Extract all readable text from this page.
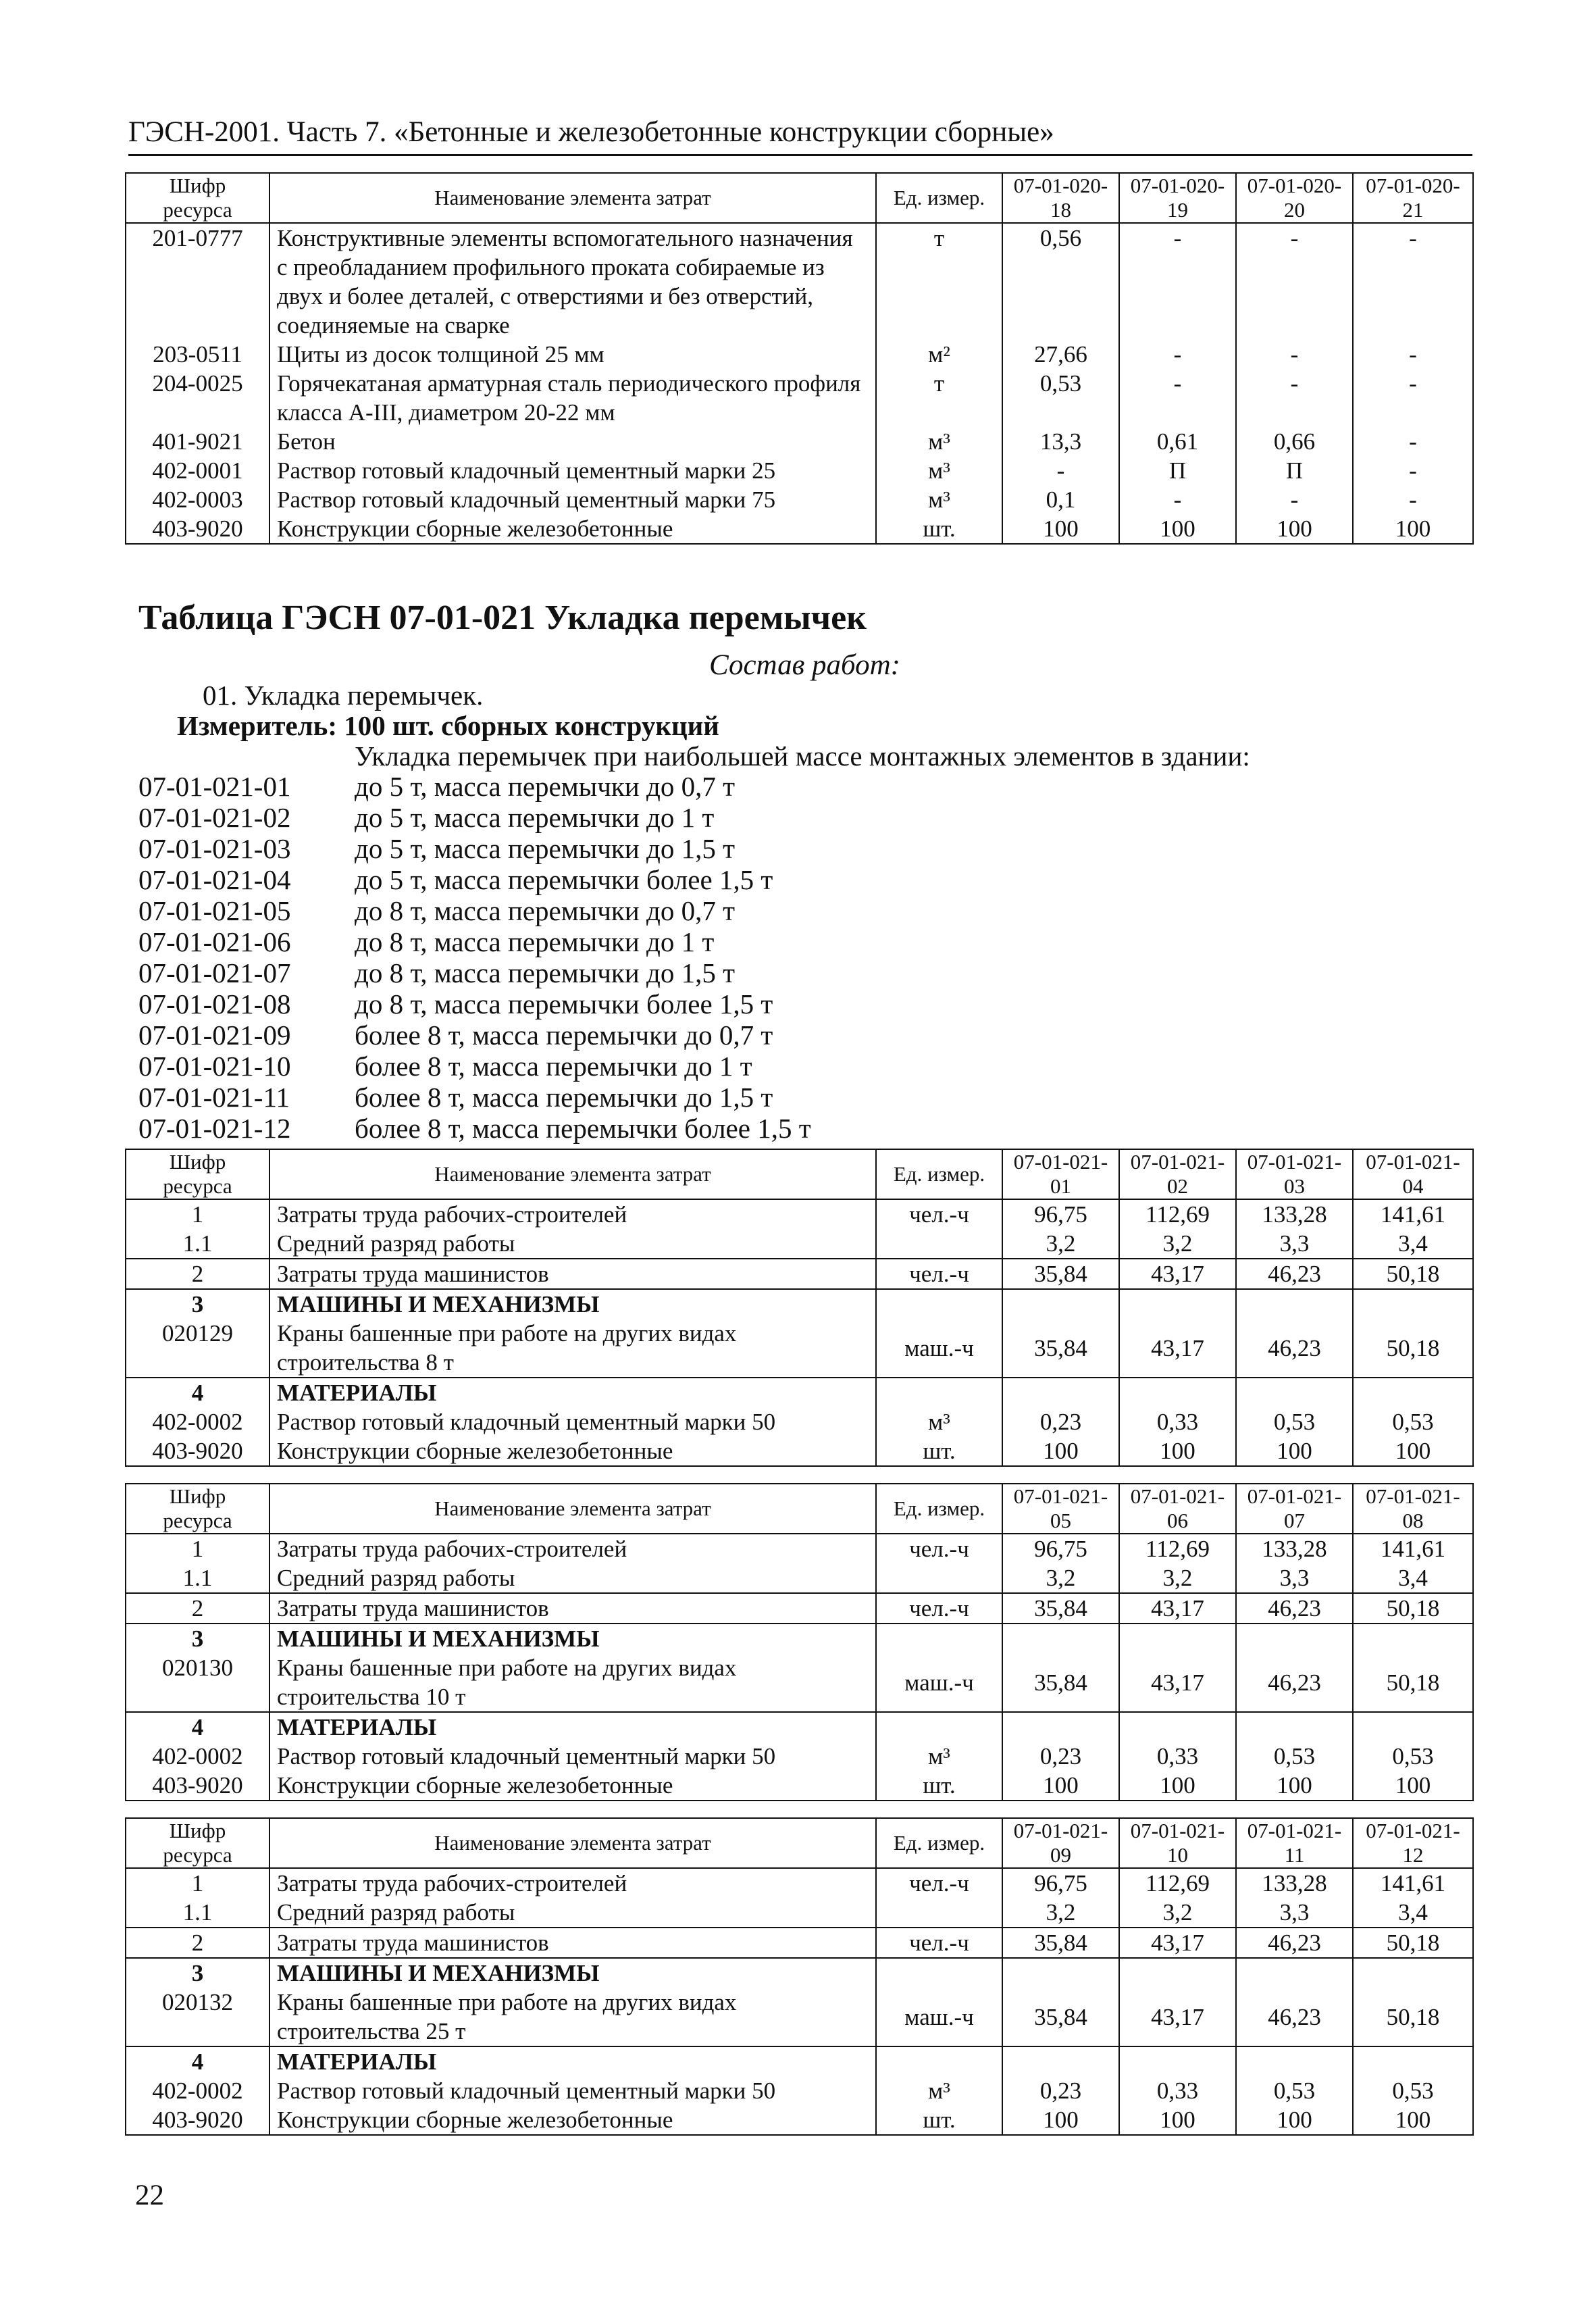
ГЭСН-2001. Часть 7. «Бетонные и железобетонные конструкции сборные»
Шифр ресурса	Наименование элемента затрат	Ед. измер.	07-01-020-18	07-01-020-19	07-01-020-20	07-01-020-21
201-0777	Конструктивные элементы вспомогательного назначения с преобладанием профильного проката собираемые из двух и более деталей, с отверстиями и без отверстий, соединяемые на сварке	т	0,56	-	-	-
203-0511	Щиты из досок толщиной 25 мм	м²	27,66	-	-	-
204-0025	Горячекатаная арматурная сталь периодического профиля класса А-III, диаметром 20-22 мм	т	0,53	-	-	-
401-9021	Бетон	м³	13,3	0,61	0,66	-
402-0001	Раствор готовый кладочный цементный марки 25	м³	-	П	П	-
402-0003	Раствор готовый кладочный цементный марки 75	м³	0,1	-	-	-
403-9020	Конструкции сборные железобетонные	шт.	100	100	100	100
Таблица ГЭСН 07-01-021 Укладка перемычек
Состав работ:
01. Укладка перемычек.
Измеритель: 100 шт. сборных конструкций
Укладка перемычек при наибольшей массе монтажных элементов в здании:
07-01-021-01 до 5 т, масса перемычки до 0,7 т
07-01-021-02 до 5 т, масса перемычки до 1 т
07-01-021-03 до 5 т, масса перемычки до 1,5 т
07-01-021-04 до 5 т, масса перемычки более 1,5 т
07-01-021-05 до 8 т, масса перемычки до 0,7 т
07-01-021-06 до 8 т, масса перемычки до 1 т
07-01-021-07 до 8 т, масса перемычки до 1,5 т
07-01-021-08 до 8 т, масса перемычки более 1,5 т
07-01-021-09 более 8 т, масса перемычки до 0,7 т
07-01-021-10 более 8 т, масса перемычки до 1 т
07-01-021-11 более 8 т, масса перемычки до 1,5 т
07-01-021-12 более 8 т, масса перемычки более 1,5 т
22
Шифр ресурса	Наименование элемента затрат	Ед. измер.	07-01-021-01	07-01-021-02	07-01-021-03	07-01-021-04
1	Затраты труда рабочих-строителей	чел.-ч	96,75	112,69	133,28	141,61
1.1	Средний разряд работы		3,2	3,2	3,3	3,4
2	Затраты труда машинистов	чел.-ч	35,84	43,17	46,23	50,18
3	МАШИНЫ И МЕХАНИЗМЫ					
020129	Краны башенные при работе на других видах строительства 8 т	маш.-ч	35,84	43,17	46,23	50,18
4	МАТЕРИАЛЫ					
402-0002	Раствор готовый кладочный цементный марки 50	м³	0,23	0,33	0,53	0,53
403-9020	Конструкции сборные железобетонные	шт.	100	100	100	100
Шифр ресурса	Наименование элемента затрат	Ед. измер.	07-01-021-05	07-01-021-06	07-01-021-07	07-01-021-08
1	Затраты труда рабочих-строителей	чел.-ч	96,75	112,69	133,28	141,61
1.1	Средний разряд работы		3,2	3,2	3,3	3,4
2	Затраты труда машинистов	чел.-ч	35,84	43,17	46,23	50,18
3	МАШИНЫ И МЕХАНИЗМЫ					
020130	Краны башенные при работе на других видах строительства 10 т	маш.-ч	35,84	43,17	46,23	50,18
4	МАТЕРИАЛЫ					
402-0002	Раствор готовый кладочный цементный марки 50	м³	0,23	0,33	0,53	0,53
403-9020	Конструкции сборные железобетонные	шт.	100	100	100	100
Шифр ресурса	Наименование элемента затрат	Ед. измер.	07-01-021-09	07-01-021-10	07-01-021-11	07-01-021-12
1	Затраты труда рабочих-строителей	чел.-ч	96,75	112,69	133,28	141,61
1.1	Средний разряд работы		3,2	3,2	3,3	3,4
2	Затраты труда машинистов	чел.-ч	35,84	43,17	46,23	50,18
3	МАШИНЫ И МЕХАНИЗМЫ					
020132	Краны башенные при работе на других видах строительства 25 т	маш.-ч	35,84	43,17	46,23	50,18
4	МАТЕРИАЛЫ					
402-0002	Раствор готовый кладочный цементный марки 50	м³	0,23	0,33	0,53	0,53
403-9020	Конструкции сборные железобетонные	шт.	100	100	100	100
